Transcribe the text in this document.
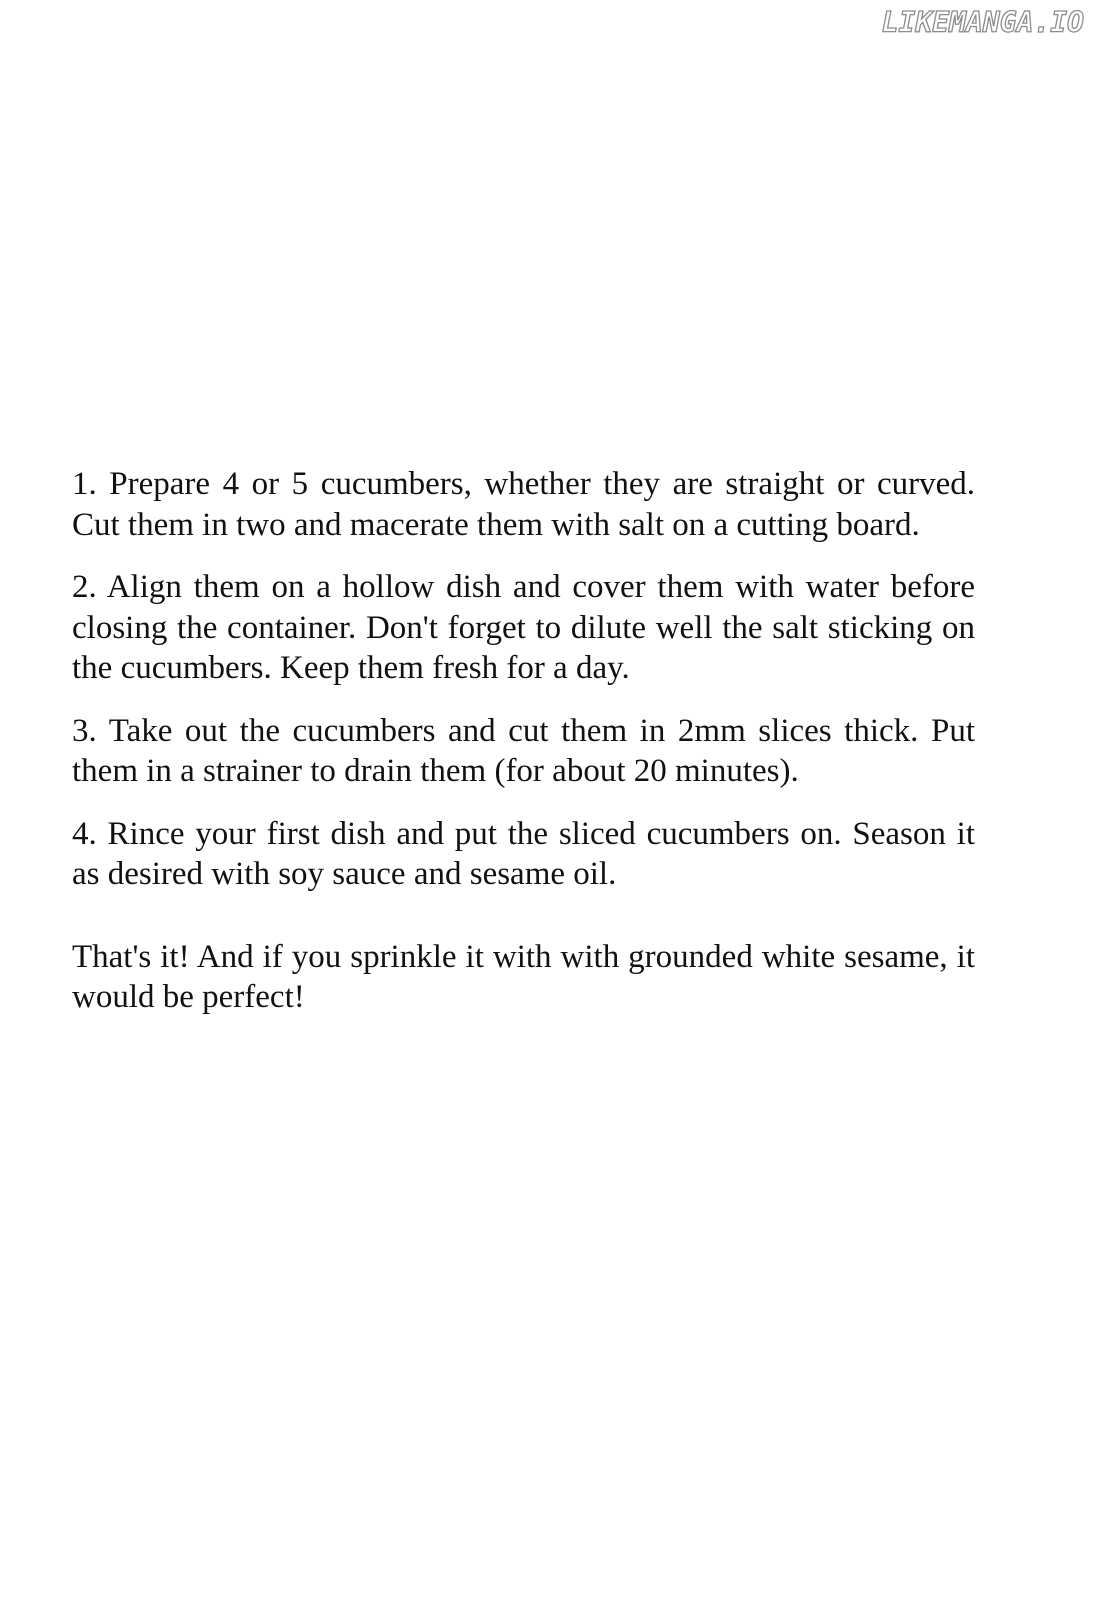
LIKEMANGA.IO

1. Prepare 4 or 5 cucumbers, whether they are straight or curved. Cut them in two and macerate them with salt on a cutting board.

2. Align them on a hollow dish and cover them with water before closing the container. Don't forget to dilute well the salt sticking on the cucumbers. Keep them fresh for a day.

3. Take out the cucumbers and cut them in 2mm slices thick. Put them in a strainer to drain them (for about 20 minutes).

4. Rince your first dish and put the sliced cucumbers on. Season it as desired with soy sauce and sesame oil.

That's it! And if you sprinkle it with with grounded white sesame, it would be perfect!
